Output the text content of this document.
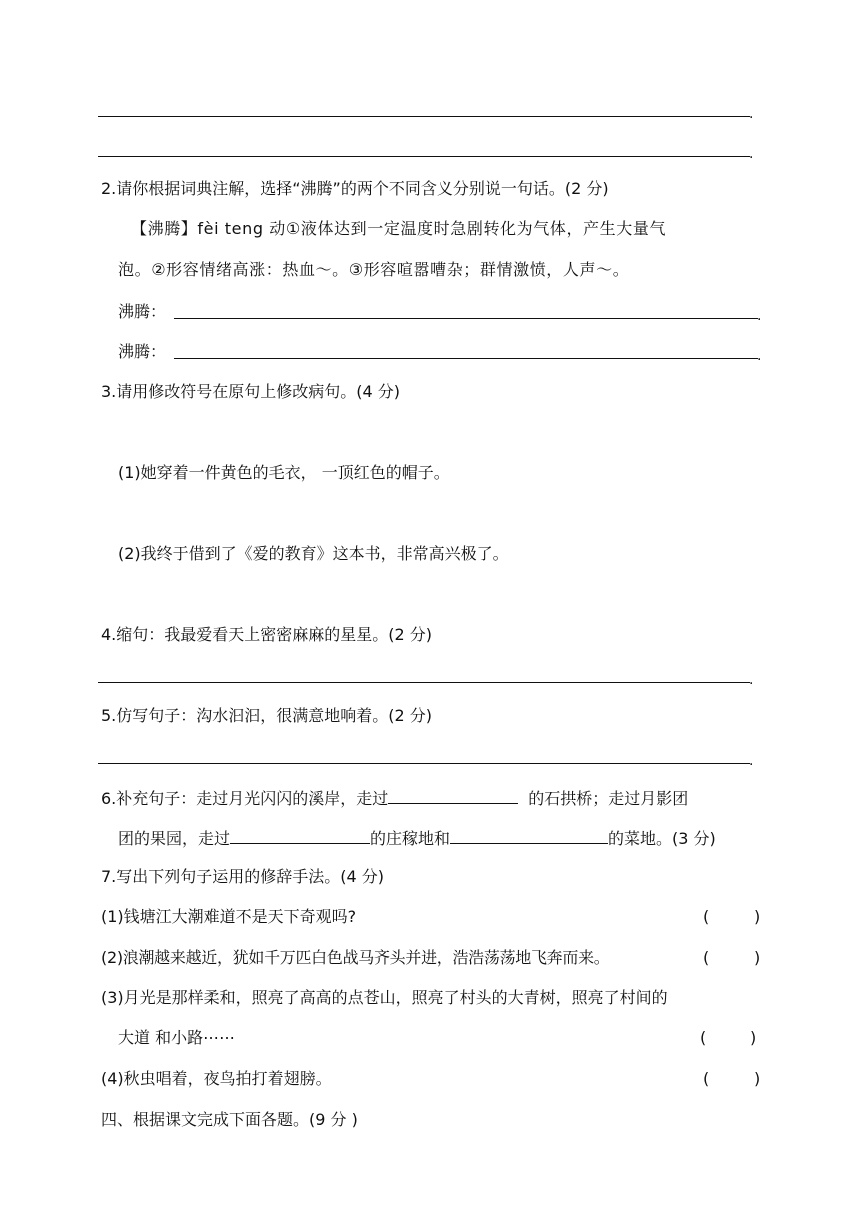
.
.
2.请你根据词典注解，选择“沸腾”的两个不同含义分别说一句话。(2 分)
【沸腾】fèi teng 动①液体达到一定温度时急剧转化为气体，产生大量气
泡。②形容情绪高涨：热血～。③形容喧嚣嘈杂；群情激愤，人声～。
沸腾：	.
沸腾：	.
3.请用修改符号在原句上修改病句。(4 分)
(1)她穿着一件黄色的毛衣， 一顶红色的帽子。
(2)我终于借到了《爱的教育》这本书，非常高兴极了。
4.缩句：我最爱看天上密密麻麻的星星。(2 分)
.
5.仿写句子：沟水汩汩，很满意地响着。(2 分)
.
6.补充句子：走过月光闪闪的溪岸，走过	的石拱桥；走过月影团
团的果园，走过	的庄稼地和	的菜地。(3 分)
7.写出下列句子运用的修辞手法。(4 分)
(1)钱塘江大潮难道不是天下奇观吗?	(	)
(2)浪潮越来越近，犹如千万匹白色战马齐头并进，浩浩荡荡地飞奔而来。	(	)
(3)月光是那样柔和，照亮了高高的点苍山，照亮了村头的大青树，照亮了村间的
大道 和小路⋯⋯	(	)
(4)秋虫唱着，夜鸟拍打着翅膀。	(	)
四、根据课文完成下面各题。(9 分 )
